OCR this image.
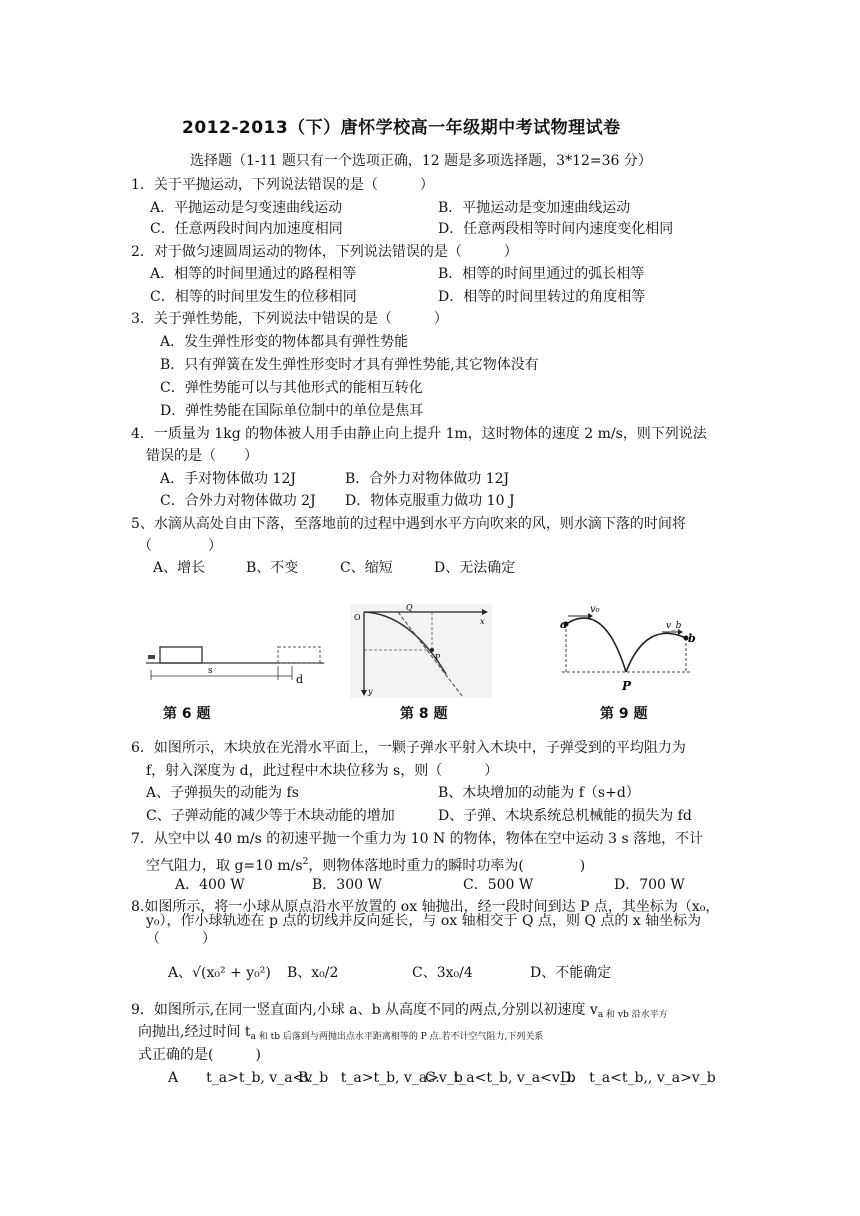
2012-2013（下）唐怀学校高一年级期中考试物理试卷
选择题（1-11 题只有一个选项正确，12 题是多项选择题，3*12=36 分）
1．关于平抛运动，下列说法错误的是（　　　）
A．平抛运动是匀变速曲线运动	B．平抛运动是变加速曲线运动
C．任意两段时间内加速度相同	D．任意两段相等时间内速度变化相同
2．对于做匀速圆周运动的物体，下列说法错误的是（　　　）
A．相等的时间里通过的路程相等	B．相等的时间里通过的弧长相等
C．相等的时间里发生的位移相同	D．相等的时间里转过的角度相等
3．关于弹性势能，下列说法中错误的是（　　　）
A．发生弹性形变的物体都具有弹性势能
B．只有弹簧在发生弹性形变时才具有弹性势能,其它物体没有
C．弹性势能可以与其他形式的能相互转化
D．弹性势能在国际单位制中的单位是焦耳
4．一质量为 1kg 的物体被人用手由静止向上提升 1m，这时物体的速度 2 m/s，则下列说法
错误的是（　　）
A．手对物体做功 12J	B．合外力对物体做功 12J
C．合外力对物体做功 2J D．物体克服重力做功 10 J
5、水滴从高处自由下落，至落地前的过程中遇到水平方向吹来的风，则水滴下落的时间将
（　　　　）
A、增长	B、不变	C、缩短	D、无法确定
s
d
第 6 题
O
Q
P
x
y
第 8 题
v₀
v_b
a
b
P
第 9 题
6．如图所示，木块放在光滑水平面上，一颗子弹水平射入木块中，子弹受到的平均阻力为
f，射入深度为 d，此过程中木块位移为 s，则（　　　）
A、子弹损失的动能为 fs	B、木块增加的动能为 f（s+d）
C、子弹动能的减少等于木块动能的增加	D、子弹、木块系统总机械能的损失为 fd
7．从空中以 40 m/s 的初速平抛一个重力为 10 N 的物体，物体在空中运动 3 s 落地，不计
空气阻力，取 g=10 $m/s^2$，则物体落地时重力的瞬时功率为(　　　　)
A．400 W	B．300 W	C．500 W	D．700 W
8.如图所示，将一小球从原点沿水平放置的 ox 轴抛出，经一段时间到达 P 点，其坐标为（x₀，
y₀），作小球轨迹在 p 点的切线并反向延长，与 ox 轴相交于 Q 点，则 Q 点的 x 轴坐标为
（　　　）
A、√(x₀² + y₀²) B、x₀/2	C、3x₀/4	D、不能确定
9．如图所示,在同一竖直面内,小球 a、b 从高度不同的两点,分别以初速度 $v_{a 和 vb 沿水平方}$
向抛出,经过时间 $t_{a 和 tb 后落到与两抛出点水平距离相等的 P 点.若不计空气阻力,下列关系}$
式正确的是(　　　)
A　　t_a>t_b, v_a<v_b
B.　　t_a>t_b, v_a>v_b
C.　t_a<t_b, v_a<v_b
D.　t_a<t_b,, v_a>v_b
